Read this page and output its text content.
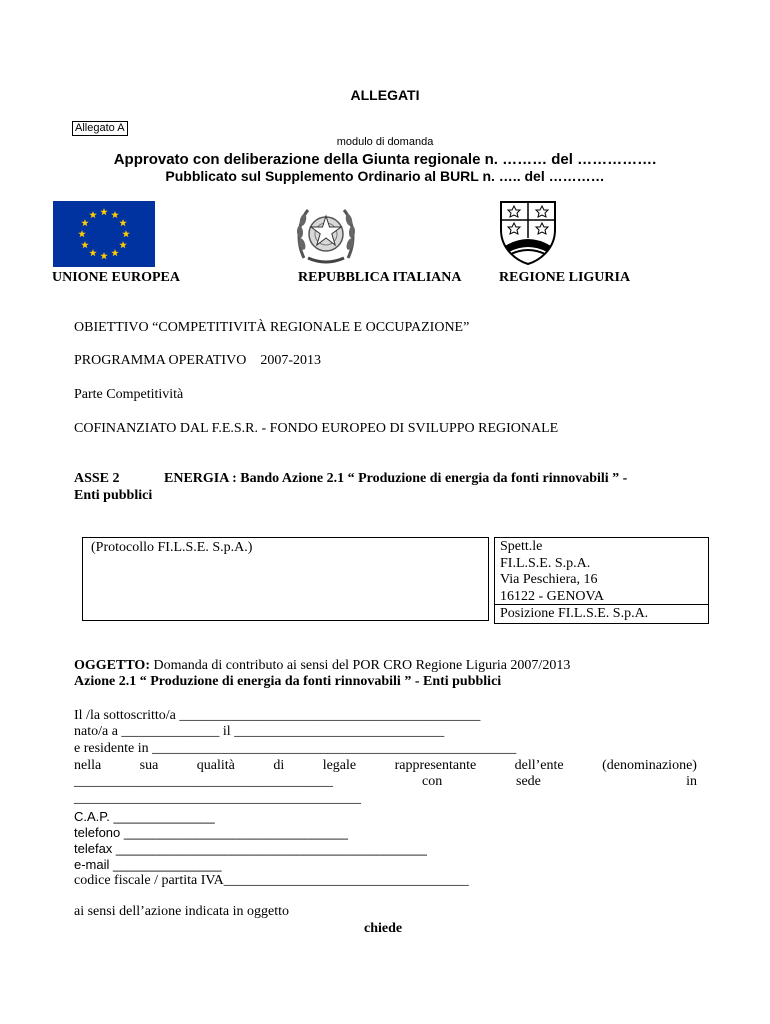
ALLEGATI
Allegato A
modulo di domanda
Approvato con deliberazione della Giunta regionale n. ……… del …………….
Pubblicato sul Supplemento Ordinario al BURL n. ….. del …………
UNIONE EUROPEA	REPUBBLICA ITALIANA	REGIONE LIGURIA
OBIETTIVO “COMPETITIVITÀ REGIONALE E OCCUPAZIONE”
PROGRAMMA OPERATIVO 2007-2013
Parte Competitività
COFINANZIATO DAL F.E.S.R. - FONDO EUROPEO DI SVILUPPO REGIONALE
ASSE 2	ENERGIA : Bando Azione 2.1 “ Produzione di energia da fonti rinnovabili ” -
Enti pubblici
(Protocollo FI.L.S.E. S.p.A.)	Spett.le
FI.L.S.E. S.p.A.
Via Peschiera, 16
16122 - GENOVA
Posizione FI.L.S.E. S.p.A.
OGGETTO: Domanda di contributo ai sensi del POR CRO Regione Liguria 2007/2013
Azione 2.1 “ Produzione di energia da fonti rinnovabili ” - Enti pubblici
Il /la sottoscritto/a ___________________________________________
nato/a a ______________ il ______________________________
e residente in ____________________________________________________
nella	sua	qualità	di	legale	rappresentante	dell’ente	(denominazione)
_____________________________________	con	sede	in
_________________________________________
C.A.P. ______________
telefono _______________________________
telefax ___________________________________________
e-mail _______________
codice fiscale / partita IVA___________________________________
ai sensi dell’azione indicata in oggetto
chiede
